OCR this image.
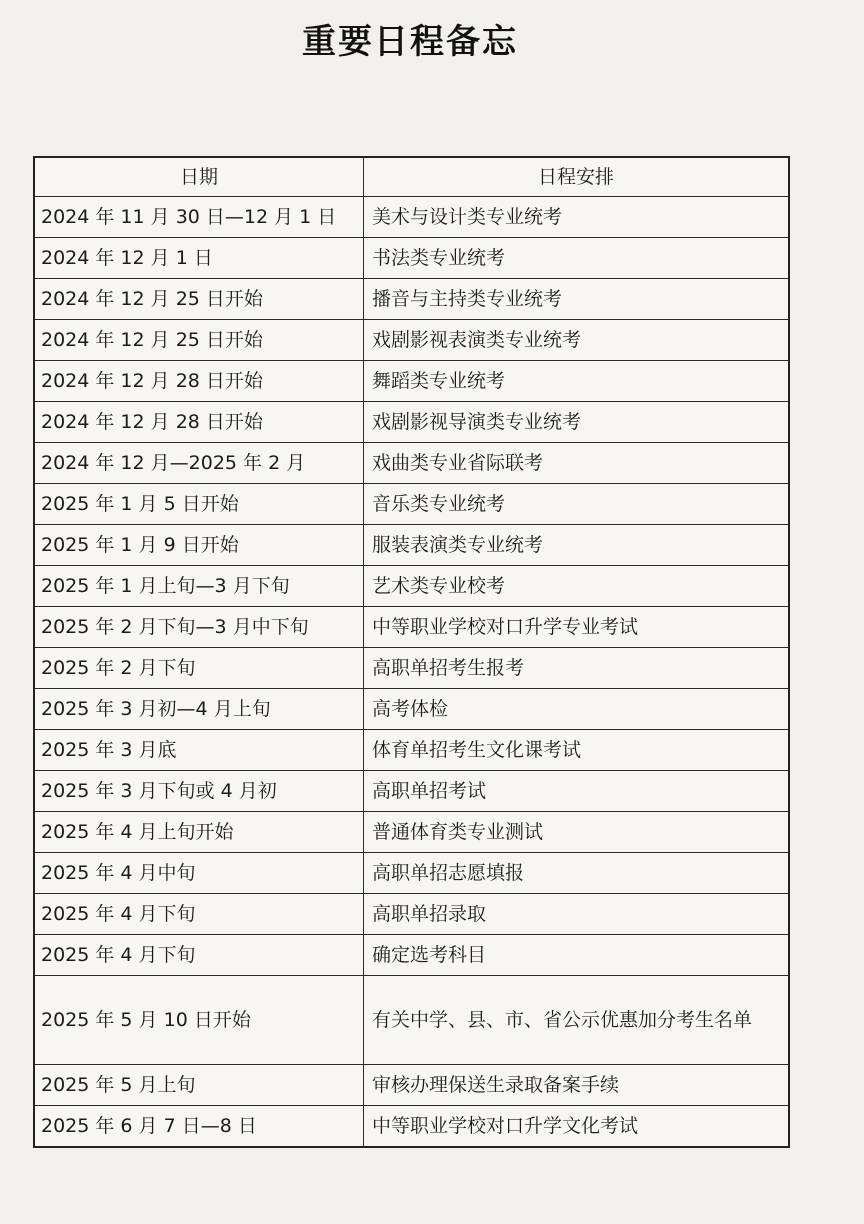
重要日程备忘
日期	日程安排
2024 年 11 月 30 日—12 月 1 日	美术与设计类专业统考
2024 年 12 月 1 日	书法类专业统考
2024 年 12 月 25 日开始	播音与主持类专业统考
2024 年 12 月 25 日开始	戏剧影视表演类专业统考
2024 年 12 月 28 日开始	舞蹈类专业统考
2024 年 12 月 28 日开始	戏剧影视导演类专业统考
2024 年 12 月—2025 年 2 月	戏曲类专业省际联考
2025 年 1 月 5 日开始	音乐类专业统考
2025 年 1 月 9 日开始	服装表演类专业统考
2025 年 1 月上旬—3 月下旬	艺术类专业校考
2025 年 2 月下旬—3 月中下旬	中等职业学校对口升学专业考试
2025 年 2 月下旬	高职单招考生报考
2025 年 3 月初—4 月上旬	高考体检
2025 年 3 月底	体育单招考生文化课考试
2025 年 3 月下旬或 4 月初	高职单招考试
2025 年 4 月上旬开始	普通体育类专业测试
2025 年 4 月中旬	高职单招志愿填报
2025 年 4 月下旬	高职单招录取
2025 年 4 月下旬	确定选考科目
2025 年 5 月 10 日开始	有关中学、县、市、省公示优惠加分考生名单
2025 年 5 月上旬	审核办理保送生录取备案手续
2025 年 6 月 7 日—8 日	中等职业学校对口升学文化考试
